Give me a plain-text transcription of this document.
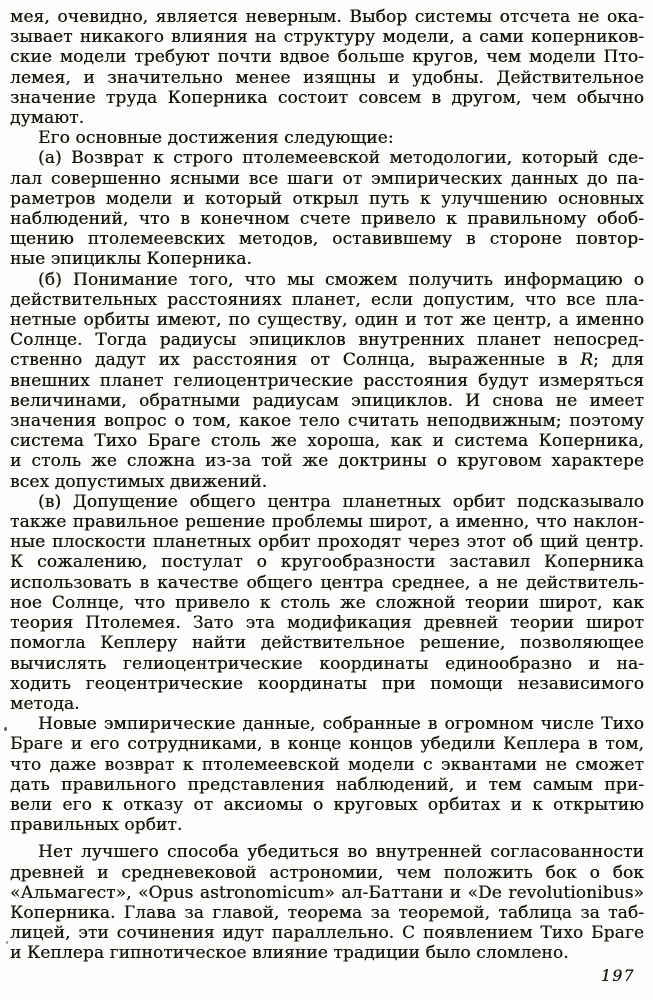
мея, очевидно, является неверным. Выбор системы отсчета не ока-
зывает никакого влияния на структуру модели, а сами коперников-
ские модели требуют почти вдвое больше кругов, чем модели Пто-
лемея, и значительно менее изящны и удобны. Действительное
значение труда Коперника состоит совсем в другом, чем обычно
думают.
Его основные достижения следующие:
(а) Возврат к строго птолемеевской методологии, который сде-
лал совершенно ясными все шаги от эмпирических данных до па-
раметров модели и который открыл путь к улучшению основных
наблюдений, что в конечном счете привело к правильному обоб-
щению птолемеевских методов, оставившему в стороне повтор-
ные эпициклы Коперника.
(б) Понимание того, что мы сможем получить информацию о
действительных расстояниях планет, если допустим, что все пла-
нетные орбиты имеют, по существу, один и тот же центр, а именно
Солнце. Тогда радиусы эпициклов внутренних планет непосред-
ственно дадут их расстояния от Солнца, выраженные в R; для
внешних планет гелиоцентрические расстояния будут измеряться
величинами, обратными радиусам эпициклов. И снова не имеет
значения вопрос о том, какое тело считать неподвижным; поэтому
система Тихо Браге столь же хороша, как и система Коперника,
и столь же сложна из-за той же доктрины о круговом характере
всех допустимых движений.
(в) Допущение общего центра планетных орбит подсказывало
также правильное решение проблемы широт, а именно, что наклон-
ные плоскости планетных орбит проходят через этот об щий центр.
К сожалению, постулат о кругообразности заставил Коперника
использовать в качестве общего центра среднее, а не действитель-
ное Солнце, что привело к столь же сложной теории широт, как
теория Птолемея. Зато эта модификация древней теории широт
помогла Кеплеру найти действительное решение, позволяющее
вычислять гелиоцентрические координаты единообразно и на-
ходить геоцентрические координаты при помощи независимого
метода.
Новые эмпирические данные, собранные в огромном числе Тихо
Браге и его сотрудниками, в конце концов убедили Кеплера в том,
что даже возврат к птолемеевской модели с эквантами не сможет
дать правильного представления наблюдений, и тем самым при-
вели его к отказу от аксиомы о круговых орбитах и к открытию
правильных орбит.
Нет лучшего способа убедиться во внутренней согласованности
древней и средневековой астрономии, чем положить бок о бок
«Альмагест», «Opus astronomicum» ал-Баттани и «De revolutionibus»
Коперника. Глава за главой, теорема за теоремой, таблица за таб-
лицей, эти сочинения идут параллельно. С появлением Тихо Браге
и Кеплера гипнотическое влияние традиции было сломлено.
197
